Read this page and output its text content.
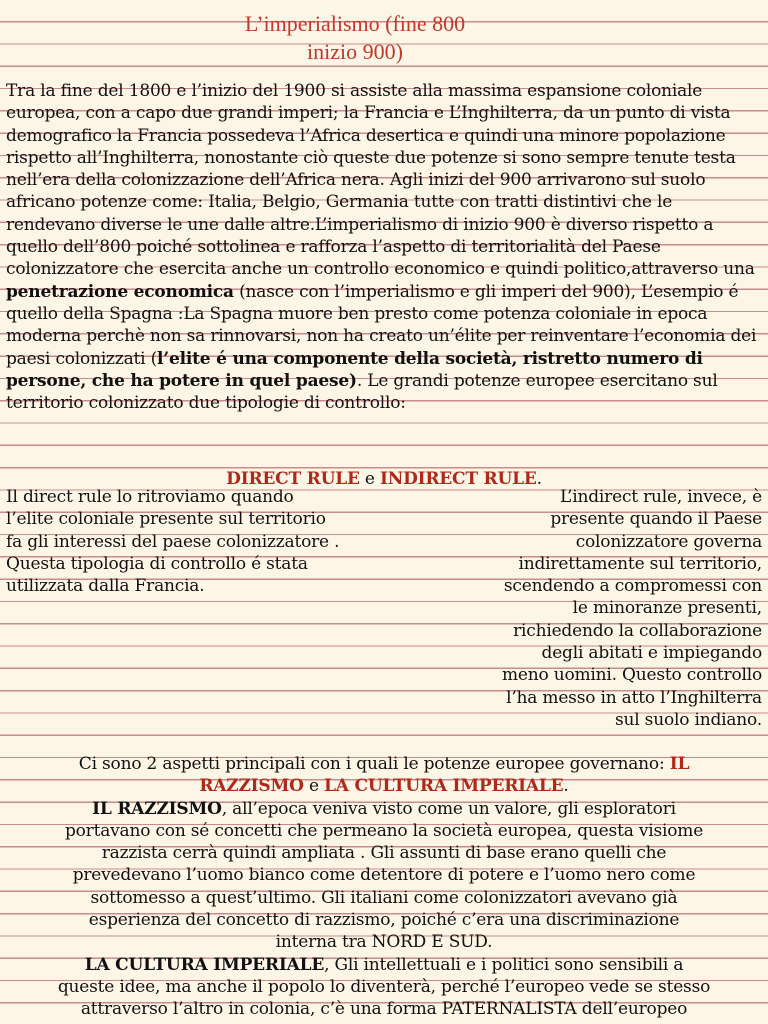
L’imperialismo (fine 800
inizio 900)
Tra la fine del 1800 e l’inizio del 1900 si assiste alla massima espansione coloniale europea, con a capo due grandi imperi; la Francia e L’Inghilterra, da un punto di vista demografico la Francia possedeva l’Africa desertica e quindi una minore popolazione rispetto all’Inghilterra, nonostante ciò queste due potenze si sono sempre tenute testa nell’era della colonizzazione dell’Africa nera. Agli inizi del 900 arrivarono sul suolo africano potenze come: Italia, Belgio, Germania tutte con tratti distintivi che le rendevano diverse le une dalle altre.L’imperialismo di inizio 900 è diverso rispetto a quello dell’800 poiché sottolinea e rafforza l’aspetto di territorialità del Paese colonizzatore che esercita anche un controllo economico e quindi politico,attraverso una penetrazione economica (nasce con l’imperialismo e gli imperi del 900), L’esempio é quello della Spagna :La Spagna muore ben presto come potenza coloniale in epoca moderna perchè non sa rinnovarsi, non ha creato un’élite per reinventare l’economia dei paesi colonizzati (l’elite é una componente della società, ristretto numero di persone, che ha potere in quel paese). Le grandi potenze europee esercitano sul territorio colonizzato due tipologie di controllo:
DIRECT RULE e INDIRECT RULE.
Il direct rule lo ritroviamo quando l’elite coloniale presente sul territorio fa gli interessi del paese colonizzatore . Questa tipologia di controllo é stata utilizzata dalla Francia.
L’indirect rule, invece, è
presente quando il Paese
colonizzatore governa
indirettamente sul territorio,
scendendo a compromessi con
le minoranze presenti,
richiedendo la collaborazione
degli abitati e impiegando
meno uomini. Questo controllo
l’ha messo in atto l’Inghilterra
sul suolo indiano.
Ci sono 2 aspetti principali con i quali le potenze europee governano: IL
RAZZISMO e LA CULTURA IMPERIALE.
IL RAZZISMO, all’epoca veniva visto come un valore, gli esploratori
portavano con sé concetti che permeano la società europea, questa visiome
razzista cerrà quindi ampliata . Gli assunti di base erano quelli che
prevedevano l’uomo bianco come detentore di potere e l’uomo nero come
sottomesso a quest’ultimo. Gli italiani come colonizzatori avevano già
esperienza del concetto di razzismo, poiché c’era una discriminazione
interna tra NORD E SUD.
LA CULTURA IMPERIALE, Gli intellettuali e i politici sono sensibili a
queste idee, ma anche il popolo lo diventerà, perché l’europeo vede se stesso
attraverso l’altro in colonia, c’è una forma PATERNALISTA dell’europeo
